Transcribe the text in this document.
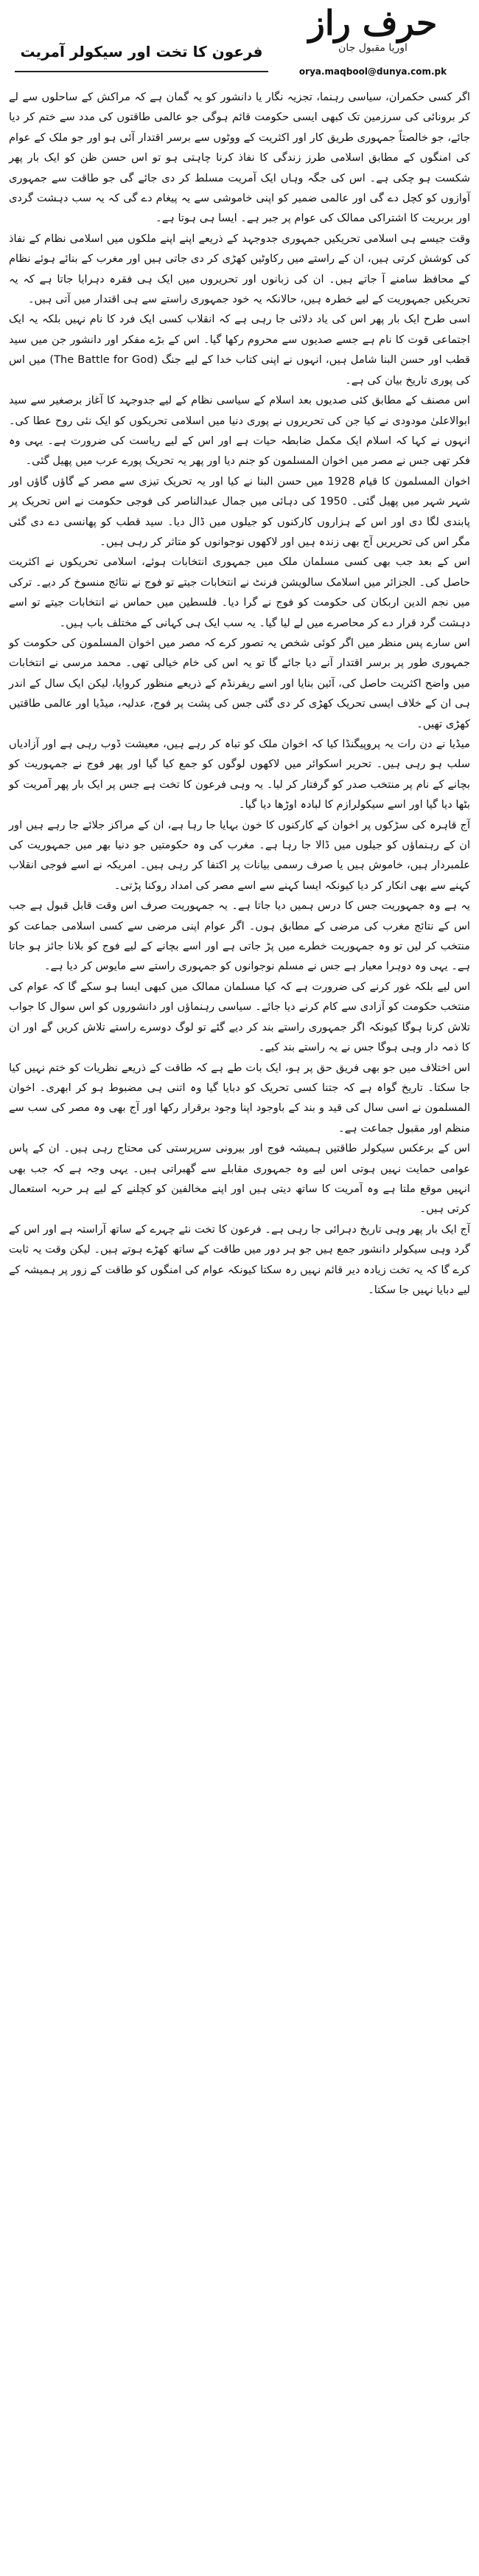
حرف راز
اوریا مقبول جان
orya.maqbool@dunya.com.pk
فرعون کا تخت اور سیکولر آمریت

اگر کسی حکمران، سیاسی رہنما، تجزیہ نگار یا دانشور کو یہ گمان ہے کہ مراکش کے ساحلوں سے لے کر برونائی کی سرزمین تک کبھی ایسی حکومت قائم ہوگی جو عالمی طاقتوں کی مدد سے ختم کر دیا جائے، جو خالصتاً جمہوری طریق کار اور اکثریت کے ووٹوں سے برسر اقتدار آئی ہو اور جو ملک کے عوام کی امنگوں کے مطابق اسلامی طرز زندگی کا نفاذ کرنا چاہتی ہو تو اس حسن ظن کو ایک بار پھر شکست ہو چکی ہے۔ اس کی جگہ وہاں ایک آمریت مسلط کر دی جائے گی جو طاقت سے جمہوری آوازوں کو کچل دے گی اور عالمی ضمیر کو اپنی خاموشی سے یہ پیغام دے گی کہ یہ سب دہشت گردی اور بربریت کا اشتراکی ممالک کی عوام پر جبر ہے۔ ایسا ہی ہوتا ہے۔

وقت جیسے ہی اسلامی تحریکیں جمہوری جدوجہد کے ذریعے اپنے اپنے ملکوں میں اسلامی نظام کے نفاذ کی کوشش کرتی ہیں، ان کے راستے میں رکاوٹیں کھڑی کر دی جاتی ہیں اور مغرب کے بنائے ہوئے نظام کے محافظ سامنے آ جاتے ہیں۔ ان کی زبانوں اور تحریروں میں ایک ہی فقرہ دہرایا جاتا ہے کہ یہ تحریکیں جمہوریت کے لیے خطرہ ہیں، حالانکہ یہ خود جمہوری راستے سے ہی اقتدار میں آتی ہیں۔

اسی طرح ایک بار پھر اس کی یاد دلائی جا رہی ہے کہ انقلاب کسی ایک فرد کا نام نہیں بلکہ یہ ایک اجتماعی قوت کا نام ہے جسے صدیوں سے محروم رکھا گیا۔ اس کے بڑے مفکر اور دانشور جن میں سید قطب اور حسن البنا شامل ہیں، انہوں نے اپنی کتاب خدا کے لیے جنگ (The Battle for God) میں اس کی پوری تاریخ بیان کی ہے۔

اس مصنف کے مطابق کئی صدیوں بعد اسلام کے سیاسی نظام کے لیے جدوجہد کا آغاز برصغیر سے سید ابوالاعلیٰ مودودی نے کیا جن کی تحریروں نے پوری دنیا میں اسلامی تحریکوں کو ایک نئی روح عطا کی۔ انہوں نے کہا کہ اسلام ایک مکمل ضابطہ حیات ہے اور اس کے لیے ریاست کی ضرورت ہے۔ یہی وہ فکر تھی جس نے مصر میں اخوان المسلمون کو جنم دیا اور پھر یہ تحریک پورے عرب میں پھیل گئی۔

اخوان المسلمون کا قیام 1928 میں حسن البنا نے کیا اور یہ تحریک تیزی سے مصر کے گاؤں گاؤں اور شہر شہر میں پھیل گئی۔ 1950 کی دہائی میں جمال عبدالناصر کی فوجی حکومت نے اس تحریک پر پابندی لگا دی اور اس کے ہزاروں کارکنوں کو جیلوں میں ڈال دیا۔ سید قطب کو پھانسی دے دی گئی مگر اس کی تحریریں آج بھی زندہ ہیں اور لاکھوں نوجوانوں کو متاثر کر رہی ہیں۔

اس کے بعد جب بھی کسی مسلمان ملک میں جمہوری انتخابات ہوئے، اسلامی تحریکوں نے اکثریت حاصل کی۔ الجزائر میں اسلامک سالویشن فرنٹ نے انتخابات جیتے تو فوج نے نتائج منسوخ کر دیے۔ ترکی میں نجم الدین اربکان کی حکومت کو فوج نے گرا دیا۔ فلسطین میں حماس نے انتخابات جیتے تو اسے دہشت گرد قرار دے کر محاصرے میں لے لیا گیا۔ یہ سب ایک ہی کہانی کے مختلف باب ہیں۔

اس سارے پس منظر میں اگر کوئی شخص یہ تصور کرے کہ مصر میں اخوان المسلمون کی حکومت کو جمہوری طور پر برسر اقتدار آنے دیا جائے گا تو یہ اس کی خام خیالی تھی۔ محمد مرسی نے انتخابات میں واضح اکثریت حاصل کی، آئین بنایا اور اسے ریفرنڈم کے ذریعے منظور کروایا، لیکن ایک سال کے اندر ہی ان کے خلاف ایسی تحریک کھڑی کر دی گئی جس کی پشت پر فوج، عدلیہ، میڈیا اور عالمی طاقتیں کھڑی تھیں۔

میڈیا نے دن رات یہ پروپیگنڈا کیا کہ اخوان ملک کو تباہ کر رہے ہیں، معیشت ڈوب رہی ہے اور آزادیاں سلب ہو رہی ہیں۔ تحریر اسکوائر میں لاکھوں لوگوں کو جمع کیا گیا اور پھر فوج نے جمہوریت کو بچانے کے نام پر منتخب صدر کو گرفتار کر لیا۔ یہ وہی فرعون کا تخت ہے جس پر ایک بار پھر آمریت کو بٹھا دیا گیا اور اسے سیکولرازم کا لبادہ اوڑھا دیا گیا۔

آج قاہرہ کی سڑکوں پر اخوان کے کارکنوں کا خون بہایا جا رہا ہے، ان کے مراکز جلائے جا رہے ہیں اور ان کے رہنماؤں کو جیلوں میں ڈالا جا رہا ہے۔ مغرب کی وہ حکومتیں جو دنیا بھر میں جمہوریت کی علمبردار ہیں، خاموش ہیں یا صرف رسمی بیانات پر اکتفا کر رہی ہیں۔ امریکہ نے اسے فوجی انقلاب کہنے سے بھی انکار کر دیا کیونکہ ایسا کہنے سے اسے مصر کی امداد روکنا پڑتی۔

یہ ہے وہ جمہوریت جس کا درس ہمیں دیا جاتا ہے۔ یہ جمہوریت صرف اس وقت قابل قبول ہے جب اس کے نتائج مغرب کی مرضی کے مطابق ہوں۔ اگر عوام اپنی مرضی سے کسی اسلامی جماعت کو منتخب کر لیں تو وہ جمہوریت خطرے میں پڑ جاتی ہے اور اسے بچانے کے لیے فوج کو بلانا جائز ہو جاتا ہے۔ یہی وہ دوہرا معیار ہے جس نے مسلم نوجوانوں کو جمہوری راستے سے مایوس کر دیا ہے۔

اس لیے بلکہ غور کرنے کی ضرورت ہے کہ کیا مسلمان ممالک میں کبھی ایسا ہو سکے گا کہ عوام کی منتخب حکومت کو آزادی سے کام کرنے دیا جائے۔ سیاسی رہنماؤں اور دانشوروں کو اس سوال کا جواب تلاش کرنا ہوگا کیونکہ اگر جمہوری راستے بند کر دیے گئے تو لوگ دوسرے راستے تلاش کریں گے اور ان کا ذمہ دار وہی ہوگا جس نے یہ راستے بند کیے۔

اس اختلاف میں جو بھی فریق حق پر ہو، ایک بات طے ہے کہ طاقت کے ذریعے نظریات کو ختم نہیں کیا جا سکتا۔ تاریخ گواہ ہے کہ جتنا کسی تحریک کو دبایا گیا وہ اتنی ہی مضبوط ہو کر ابھری۔ اخوان المسلمون نے اسی سال کی قید و بند کے باوجود اپنا وجود برقرار رکھا اور آج بھی وہ مصر کی سب سے منظم اور مقبول جماعت ہے۔

اس کے برعکس سیکولر طاقتیں ہمیشہ فوج اور بیرونی سرپرستی کی محتاج رہی ہیں۔ ان کے پاس عوامی حمایت نہیں ہوتی اس لیے وہ جمہوری مقابلے سے گھبراتی ہیں۔ یہی وجہ ہے کہ جب بھی انہیں موقع ملتا ہے وہ آمریت کا ساتھ دیتی ہیں اور اپنے مخالفین کو کچلنے کے لیے ہر حربہ استعمال کرتی ہیں۔

آج ایک بار پھر وہی تاریخ دہرائی جا رہی ہے۔ فرعون کا تخت نئے چہرے کے ساتھ آراستہ ہے اور اس کے گرد وہی سیکولر دانشور جمع ہیں جو ہر دور میں طاقت کے ساتھ کھڑے ہوتے ہیں۔ لیکن وقت یہ ثابت کرے گا کہ یہ تخت زیادہ دیر قائم نہیں رہ سکتا کیونکہ عوام کی امنگوں کو طاقت کے زور پر ہمیشہ کے لیے دبایا نہیں جا سکتا۔
